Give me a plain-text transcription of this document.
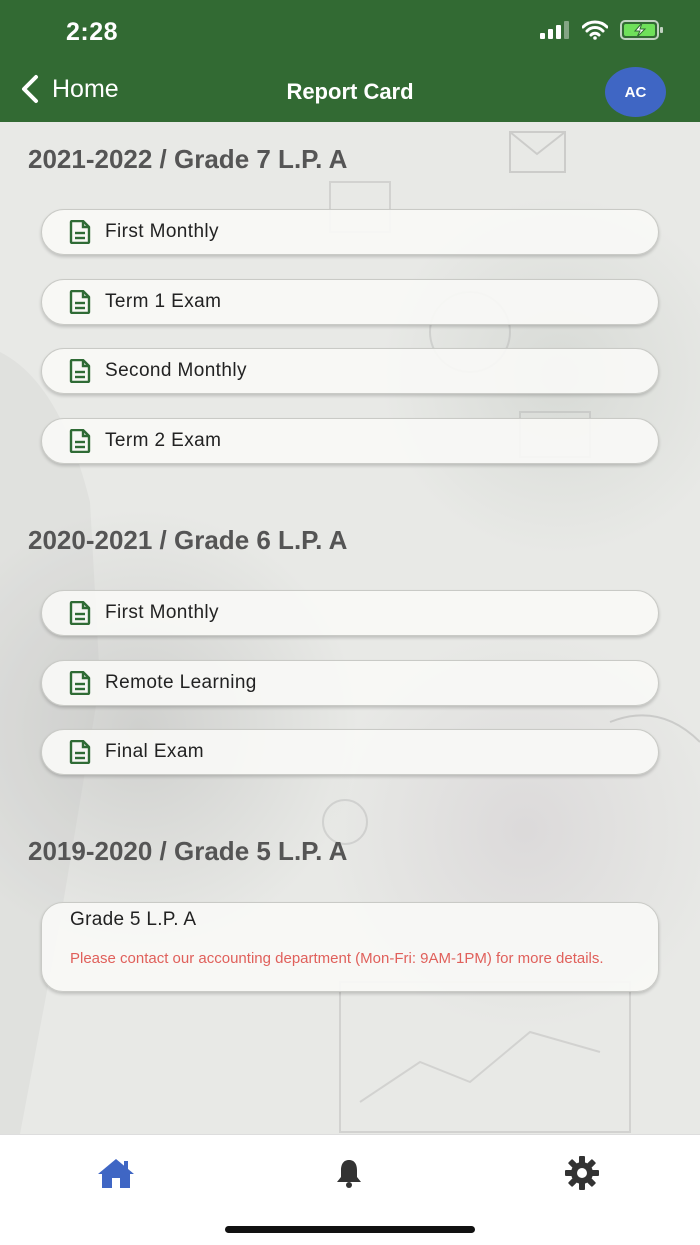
2:28
Home	Report Card	AC
2021-2022 / Grade 7 L.P. A
First Monthly
Term 1 Exam
Second Monthly
Term 2 Exam
2020-2021 / Grade 6 L.P. A
First Monthly
Remote Learning
Final Exam
2019-2020 / Grade 5 L.P. A
Grade 5 L.P. A
Please contact our accounting department (Mon-Fri: 9AM-1PM) for more details.
